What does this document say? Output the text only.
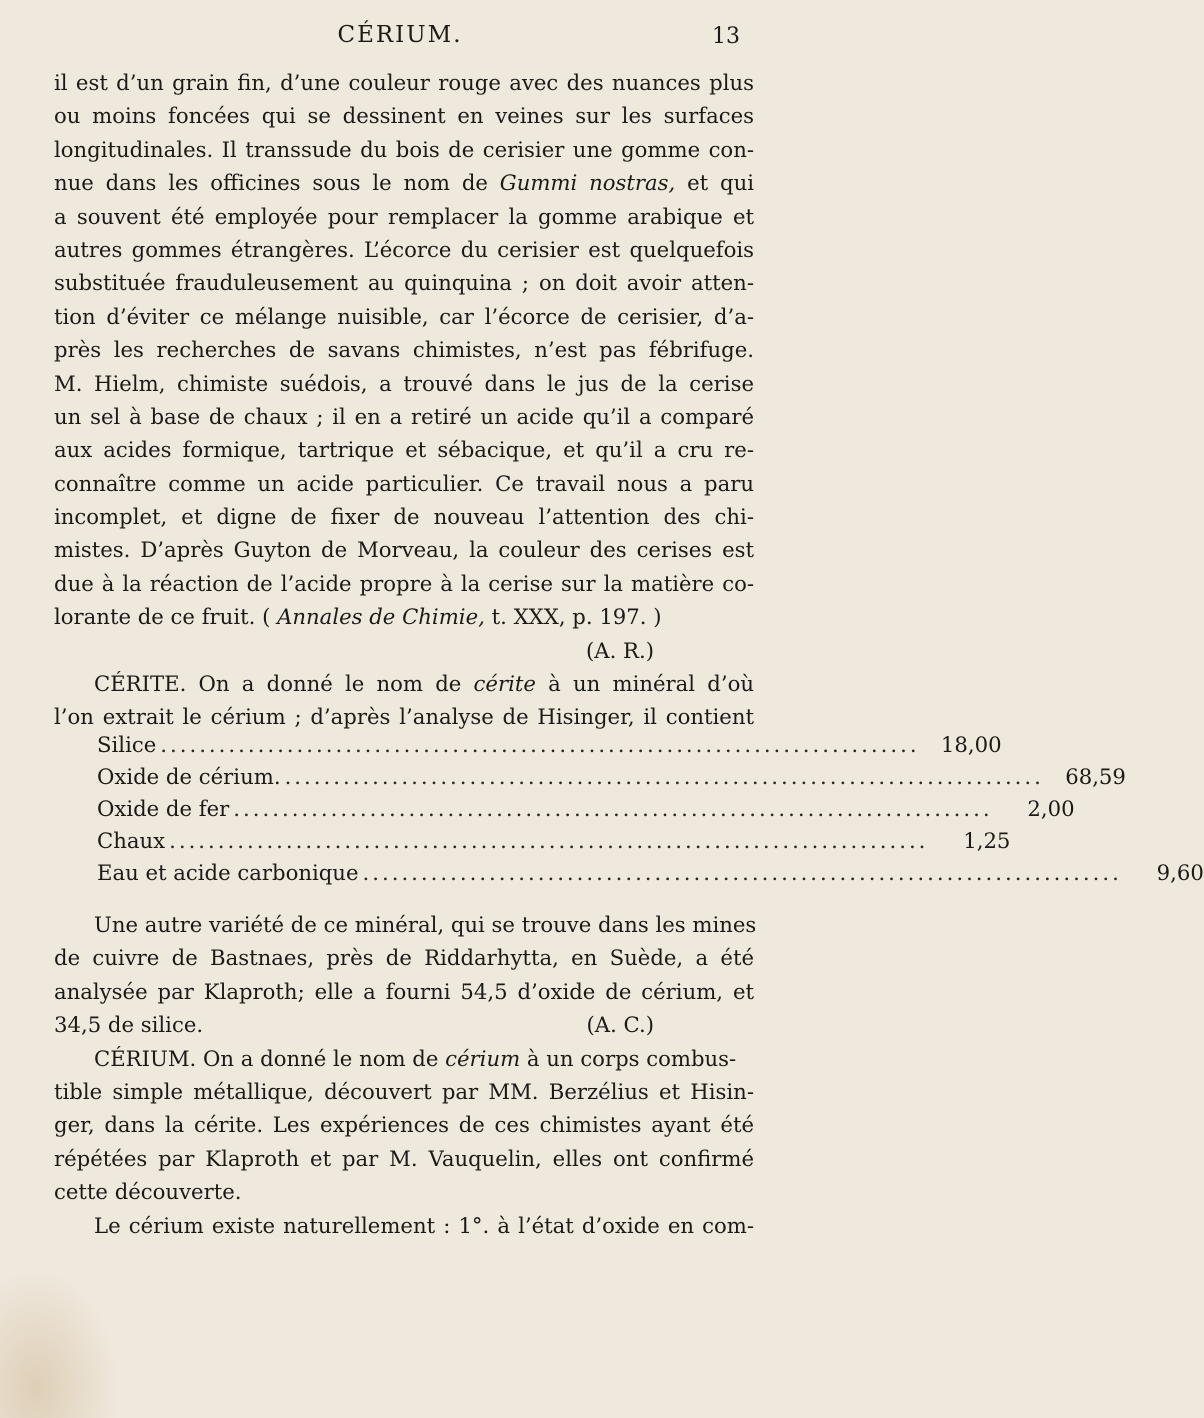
CÉRIUM.	13
il est d’un grain fin, d’une couleur rouge avec des nuances plus
ou moins foncées qui se dessinent en veines sur les surfaces
longitudinales. Il transsude du bois de cerisier une gomme con-
nue dans les officines sous le nom de Gummi nostras, et qui
a souvent été employée pour remplacer la gomme arabique et
autres gommes étrangères. L’écorce du cerisier est quelquefois
substituée frauduleusement au quinquina ; on doit avoir atten-
tion d’éviter ce mélange nuisible, car l’écorce de cerisier, d’a-
près les recherches de savans chimistes, n’est pas fébrifuge.
M. Hielm, chimiste suédois, a trouvé dans le jus de la cerise
un sel à base de chaux ; il en a retiré un acide qu’il a comparé
aux acides formique, tartrique et sébacique, et qu’il a cru re-
connaître comme un acide particulier. Ce travail nous a paru
incomplet, et digne de fixer de nouveau l’attention des chi-
mistes. D’après Guyton de Morveau, la couleur des cerises est
due à la réaction de l’acide propre à la cerise sur la matière co-
lorante de ce fruit. ( Annales de Chimie, t. XXX, p. 197. )
(A. R.)
CÉRITE. On a donné le nom de cérite à un minéral d’où
l’on extrait le cérium ; d’après l’analyse de Hisinger, il contient
Silice ..............................................................................	18,00
Oxide de cérium. ..............................................................................	68,59
Oxide de fer ..............................................................................	2,00
Chaux ..............................................................................	1,25
Eau et acide carbonique ..............................................................................	9,60
Une autre variété de ce minéral, qui se trouve dans les mines
de cuivre de Bastnaes, près de Riddarhytta, en Suède, a été
analysée par Klaproth; elle a fourni 54,5 d’oxide de cérium, et
34,5 de silice.	(A. C.)
CÉRIUM. On a donné le nom de cérium à un corps combus-
tible simple métallique, découvert par MM. Berzélius et Hisin-
ger, dans la cérite. Les expériences de ces chimistes ayant été
répétées par Klaproth et par M. Vauquelin, elles ont confirmé
cette découverte.
Le cérium existe naturellement : 1°. à l’état d’oxide en com-
